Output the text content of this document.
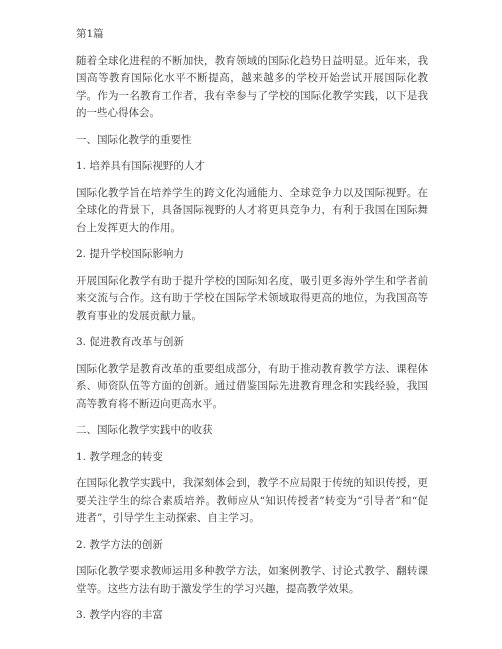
第1篇

随着全球化进程的不断加快，教育领域的国际化趋势日益明显。近年来，我国高等教育国际化水平不断提高，越来越多的学校开始尝试开展国际化教学。作为一名教育工作者，我有幸参与了学校的国际化教学实践，以下是我的一些心得体会。

一、国际化教学的重要性

1. 培养具有国际视野的人才

国际化教学旨在培养学生的跨文化沟通能力、全球竞争力以及国际视野。在全球化的背景下，具备国际视野的人才将更具竞争力，有利于我国在国际舞台上发挥更大的作用。

2. 提升学校国际影响力

开展国际化教学有助于提升学校的国际知名度，吸引更多海外学生和学者前来交流与合作。这有助于学校在国际学术领域取得更高的地位，为我国高等教育事业的发展贡献力量。

3. 促进教育改革与创新

国际化教学是教育改革的重要组成部分，有助于推动教育教学方法、课程体系、师资队伍等方面的创新。通过借鉴国际先进教育理念和实践经验，我国高等教育将不断迈向更高水平。

二、国际化教学实践中的收获

1. 教学理念的转变

在国际化教学实践中，我深刻体会到，教学不应局限于传统的知识传授，更要关注学生的综合素质培养。教师应从“知识传授者”转变为“引导者”和“促进者”，引导学生主动探索、自主学习。

2. 教学方法的创新

国际化教学要求教师运用多种教学方法，如案例教学、讨论式教学、翻转课堂等。这些方法有助于激发学生的学习兴趣，提高教学效果。

3. 教学内容的丰富
